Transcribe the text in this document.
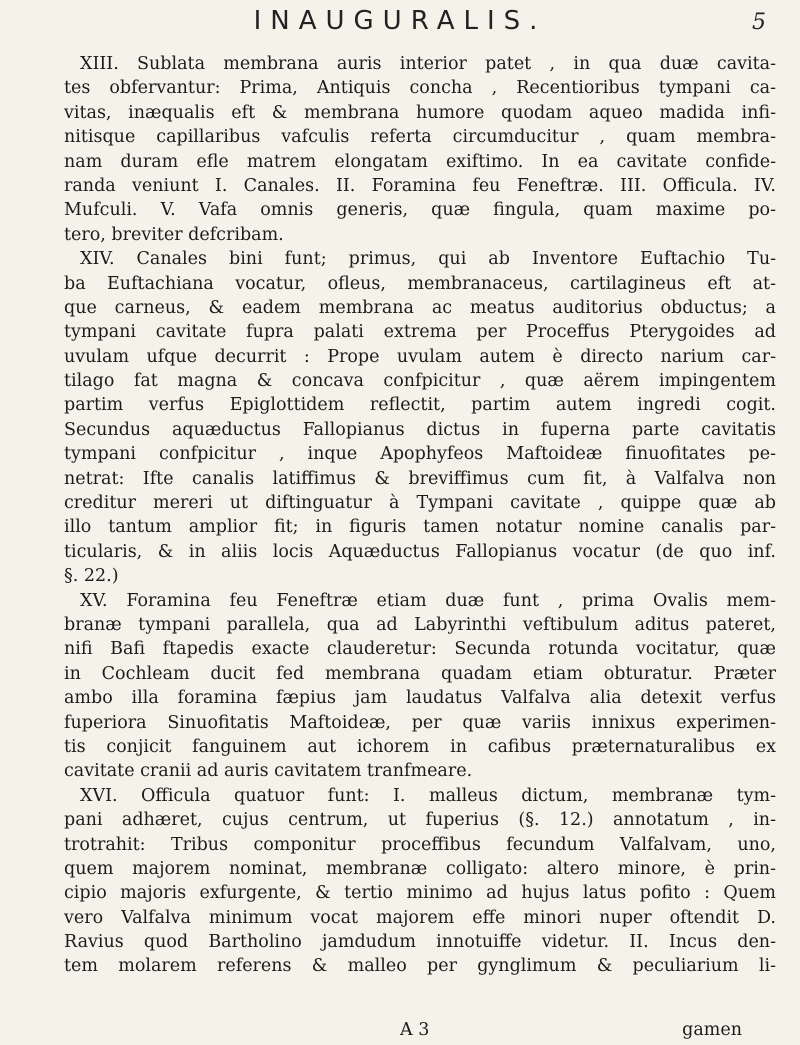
INAUGURALIS.	5
XIII. Sublata membrana auris interior patet , in qua duæ cavita-
tes obfervantur: Prima, Antiquis concha , Recentioribus tympani ca-
vitas, inæqualis eft & membrana humore quodam aqueo madida infi-
nitisque capillaribus vafculis referta circumducitur , quam membra-
nam duram efle matrem elongatam exiftimo. In ea cavitate confide-
randa veniunt I. Canales. II. Foramina feu Feneftræ. III. Officula. IV.
Mufculi. V. Vafa omnis generis, quæ fingula, quam maxime po-
tero, breviter defcribam.
XIV. Canales bini funt; primus, qui ab Inventore Euftachio Tu-
ba Euftachiana vocatur, ofleus, membranaceus, cartilagineus eft at-
que carneus, & eadem membrana ac meatus auditorius obductus; a
tympani cavitate fupra palati extrema per Proceffus Pterygoides ad
uvulam ufque decurrit : Prope uvulam autem è directo narium car-
tilago fat magna & concava confpicitur , quæ aërem impingentem
partim verfus Epiglottidem reflectit, partim autem ingredi cogit.
Secundus aquæductus Fallopianus dictus in fuperna parte cavitatis
tympani confpicitur , inque Apophyfeos Maftoideæ finuofitates pe-
netrat: Ifte canalis latiffimus & breviffimus cum fit, à Valfalva non
creditur mereri ut diftinguatur à Tympani cavitate , quippe quæ ab
illo tantum amplior fit; in figuris tamen notatur nomine canalis par-
ticularis, & in aliis locis Aquæductus Fallopianus vocatur (de quo inf.
§. 22.)
XV. Foramina feu Feneftræ etiam duæ funt , prima Ovalis mem-
branæ tympani parallela, qua ad Labyrinthi veftibulum aditus pateret,
nifi Bafi ftapedis exacte clauderetur: Secunda rotunda vocitatur, quæ
in Cochleam ducit fed membrana quadam etiam obturatur. Præter
ambo illa foramina fæpius jam laudatus Valfalva alia detexit verfus
fuperiora Sinuofitatis Maftoideæ, per quæ variis innixus experimen-
tis conjicit fanguinem aut ichorem in cafibus præternaturalibus ex
cavitate cranii ad auris cavitatem tranfmeare.
XVI. Officula quatuor funt: I. malleus dictum, membranæ tym-
pani adhæret, cujus centrum, ut fuperius (§. 12.) annotatum , in-
trotrahit: Tribus componitur proceffibus fecundum Valfalvam, uno,
quem majorem nominat, membranæ colligato: altero minore, è prin-
cipio majoris exfurgente, & tertio minimo ad hujus latus pofito : Quem
vero Valfalva minimum vocat majorem effe minori nuper oftendit D.
Ravius quod Bartholino jamdudum innotuiffe videtur. II. Incus den-
tem molarem referens & malleo per gynglimum & peculiarium li-
A 3	gamen
